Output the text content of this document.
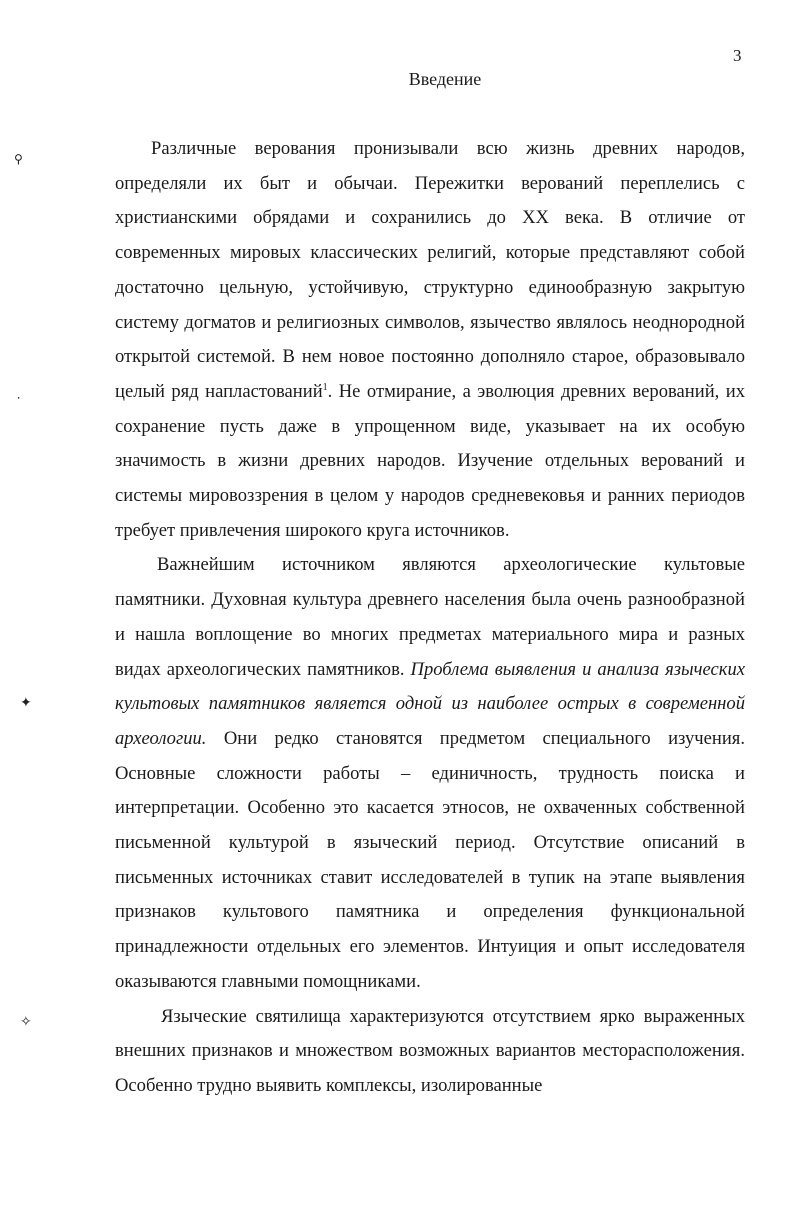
3
Введение
⚲
⸳
✦
✧

Различные верования пронизывали всю жизнь древних народов, определяли их быт и обычаи. Пережитки верований переплелись с христианскими обрядами и сохранились до XX века. В отличие от современных мировых классических религий, которые представляют собой достаточно цельную, устойчивую, структурно единообразную закрытую систему догматов и религиозных символов, язычество являлось неоднородной открытой системой. В нем новое постоянно дополняло старое, образовывало целый ряд напластований$^1$. Не отмирание, а эволюция древних верований, их сохранение пусть даже в упрощенном виде, указывает на их особую значимость в жизни древних народов. Изучение отдельных верований и системы мировоззрения в целом у народов средневековья и ранних периодов требует привлечения широкого круга источников.

Важнейшим источником являются археологические культовые памятники. Духовная культура древнего населения была очень разнообразной и нашла воплощение во многих предметах материального мира и разных видах археологических памятников. Проблема выявления и анализа языческих культовых памятников является одной из наиболее острых в современной археологии. Они редко становятся предметом специального изучения. Основные сложности работы – единичность, трудность поиска и интерпретации. Особенно это касается этносов, не охваченных собственной письменной культурой в языческий период. Отсутствие описаний в письменных источниках ставит исследователей в тупик на этапе выявления признаков культового памятника и определения функциональной принадлежности отдельных его элементов. Интуиция и опыт исследователя оказываются главными помощниками.

Языческие святилища характеризуются отсутствием ярко выраженных внешних признаков и множеством возможных вариантов месторасположения. Особенно трудно выявить комплексы, изолированные
